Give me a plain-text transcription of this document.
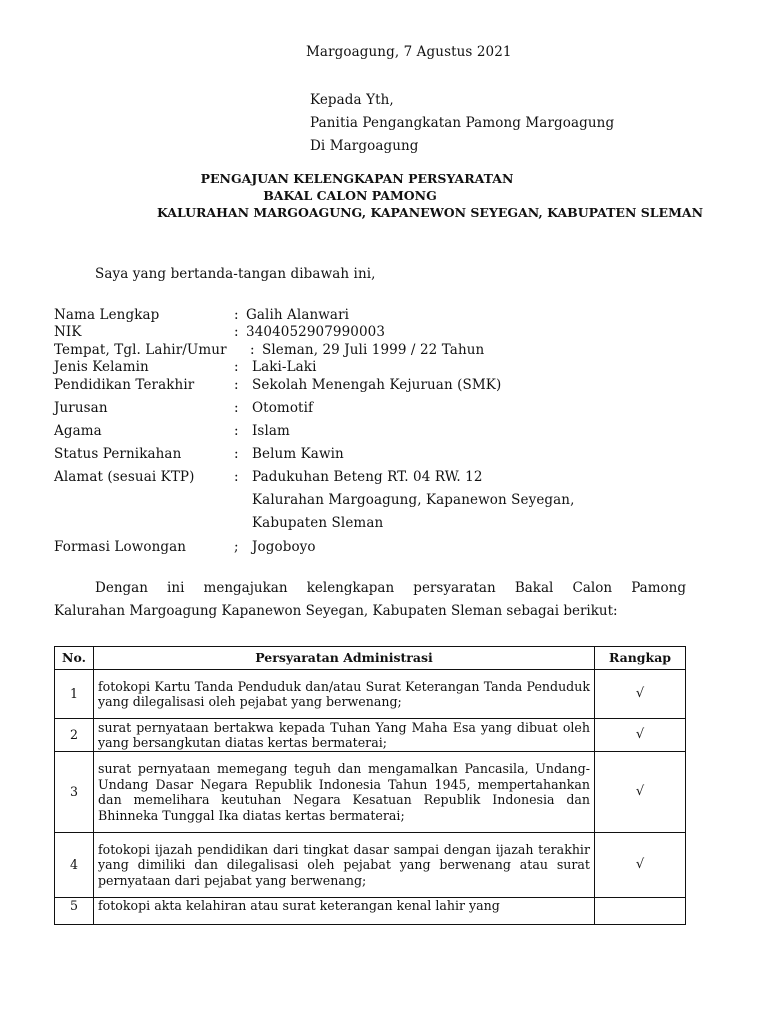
Margoagung, 7 Agustus 2021
Kepada Yth,
Panitia Pengangkatan Pamong Margoagung
Di Margoagung
PENGAJUAN KELENGKAPAN PERSYARATAN
BAKAL CALON PAMONG
KALURAHAN MARGOAGUNG, KAPANEWON SEYEGAN, KABUPATEN SLEMAN
Saya yang bertanda-tangan dibawah ini,
Nama Lengkap	: Galih Alanwari
NIK	: 3404052907990003
Tempat, Tgl. Lahir/Umur : Sleman, 29 Juli 1999 / 22 Tahun
Jenis Kelamin	: Laki-Laki
Pendidikan Terakhir	: Sekolah Menengah Kejuruan (SMK)
Jurusan	: Otomotif
Agama	: Islam
Status Pernikahan	: Belum Kawin
Alamat (sesuai KTP)	: Padukuhan Beteng RT. 04 RW. 12
Kalurahan Margoagung, Kapanewon Seyegan,
Kabupaten Sleman
Formasi Lowongan	; Jogoboyo
Dengan ini mengajukan kelengkapan persyaratan Bakal Calon Pamong
Kalurahan Margoagung Kapanewon Seyegan, Kabupaten Sleman sebagai berikut:
No.	Persyaratan Administrasi	Rangkap
1	fotokopi Kartu Tanda Penduduk dan/atau Surat Keterangan Tanda Penduduk yang dilegalisasi oleh pejabat yang berwenang;	√
2	surat pernyataan bertakwa kepada Tuhan Yang Maha Esa yang dibuat oleh yang bersangkutan diatas kertas bermaterai;	√
3	surat pernyataan memegang teguh dan mengamalkan Pancasila, Undang-Undang Dasar Negara Republik Indonesia Tahun 1945, mempertahankan dan memelihara keutuhan Negara Kesatuan Republik Indonesia dan Bhinneka Tunggal Ika diatas kertas bermaterai;	√
4	fotokopi ijazah pendidikan dari tingkat dasar sampai dengan ijazah terakhir yang dimiliki dan dilegalisasi oleh pejabat yang berwenang atau surat pernyataan dari pejabat yang berwenang;	√
5	fotokopi akta kelahiran atau surat keterangan kenal lahir yang	
